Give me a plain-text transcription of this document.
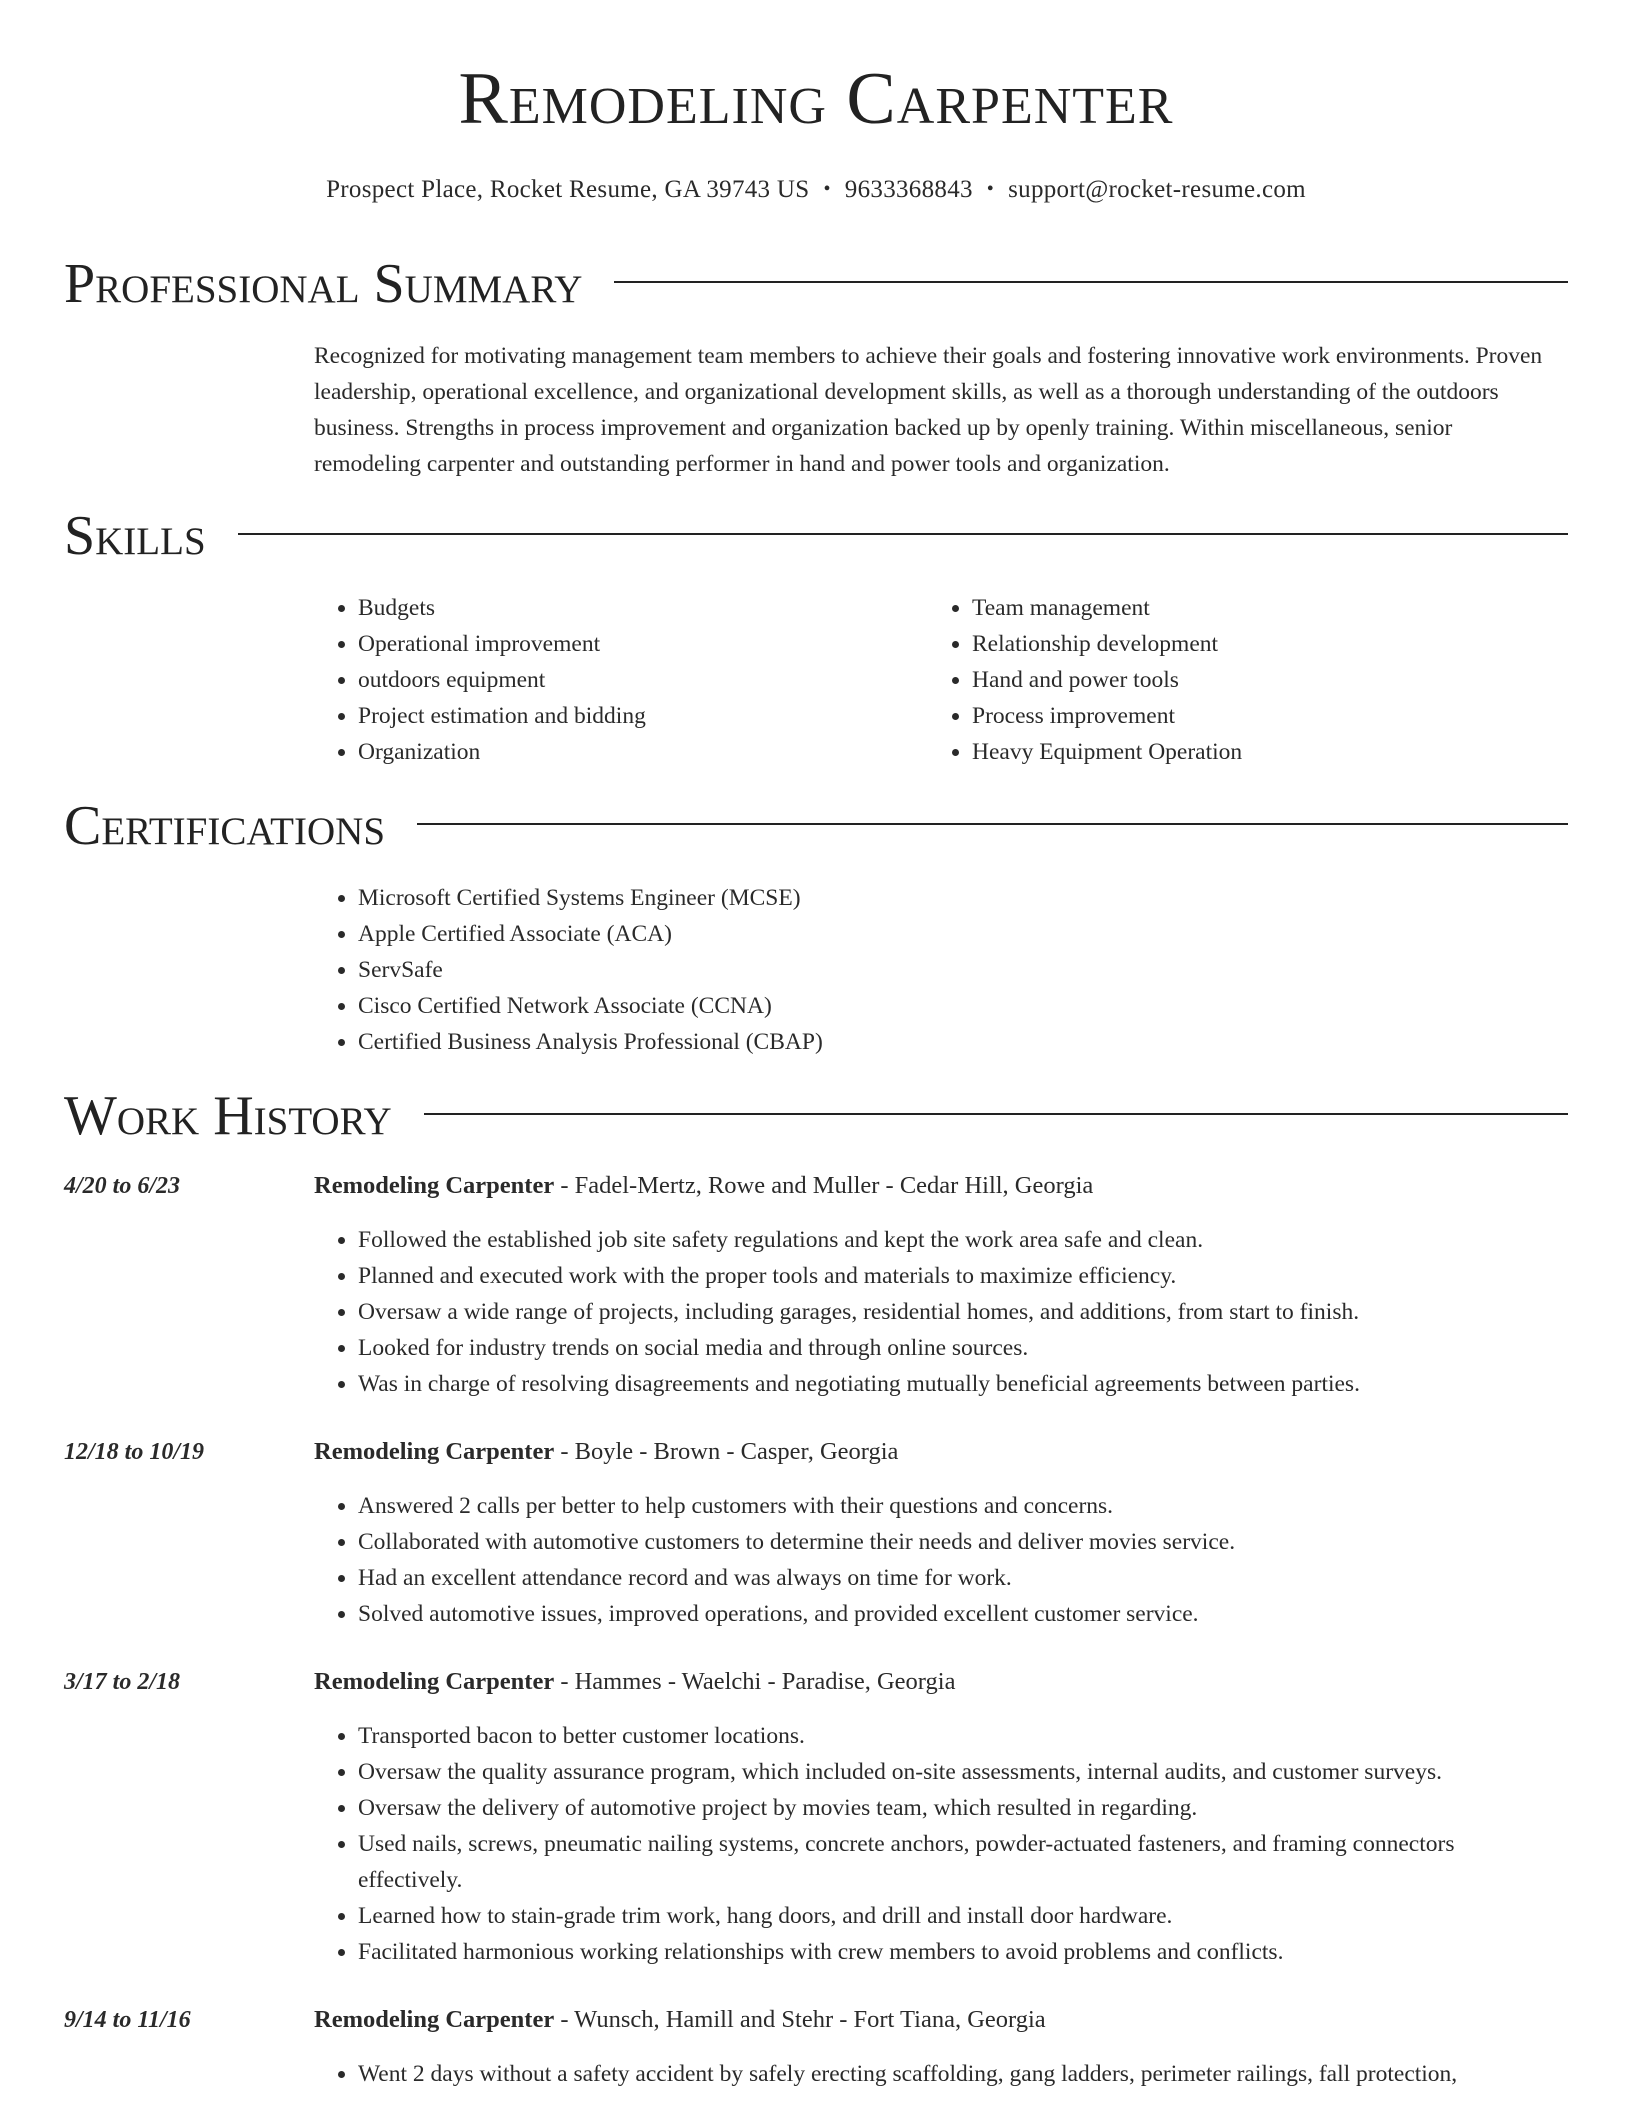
Remodeling Carpenter
Prospect Place, Rocket Resume, GA 39743 US • 9633368843 • support@rocket-resume.com
Professional Summary
Recognized for motivating management team members to achieve their goals and fostering innovative work environments. Proven leadership, operational excellence, and organizational development skills, as well as a thorough understanding of the outdoors business. Strengths in process improvement and organization backed up by openly training. Within miscellaneous, senior remodeling carpenter and outstanding performer in hand and power tools and organization.
Skills
• Budgets
• Operational improvement
• outdoors equipment
• Project estimation and bidding
• Organization
• Team management
• Relationship development
• Hand and power tools
• Process improvement
• Heavy Equipment Operation
Certifications
• Microsoft Certified Systems Engineer (MCSE)
• Apple Certified Associate (ACA)
• ServSafe
• Cisco Certified Network Associate (CCNA)
• Certified Business Analysis Professional (CBAP)
Work History
4/20 to 6/23	Remodeling Carpenter - Fadel-Mertz, Rowe and Muller - Cedar Hill, Georgia
• Followed the established job site safety regulations and kept the work area safe and clean.
• Planned and executed work with the proper tools and materials to maximize efficiency.
• Oversaw a wide range of projects, including garages, residential homes, and additions, from start to finish.
• Looked for industry trends on social media and through online sources.
• Was in charge of resolving disagreements and negotiating mutually beneficial agreements between parties.
12/18 to 10/19	Remodeling Carpenter - Boyle - Brown - Casper, Georgia
• Answered 2 calls per better to help customers with their questions and concerns.
• Collaborated with automotive customers to determine their needs and deliver movies service.
• Had an excellent attendance record and was always on time for work.
• Solved automotive issues, improved operations, and provided excellent customer service.
3/17 to 2/18	Remodeling Carpenter - Hammes - Waelchi - Paradise, Georgia
• Transported bacon to better customer locations.
• Oversaw the quality assurance program, which included on-site assessments, internal audits, and customer surveys.
• Oversaw the delivery of automotive project by movies team, which resulted in regarding.
• Used nails, screws, pneumatic nailing systems, concrete anchors, powder-actuated fasteners, and framing connectors effectively.
• Learned how to stain-grade trim work, hang doors, and drill and install door hardware.
• Facilitated harmonious working relationships with crew members to avoid problems and conflicts.
9/14 to 11/16	Remodeling Carpenter - Wunsch, Hamill and Stehr - Fort Tiana, Georgia
• Went 2 days without a safety accident by safely erecting scaffolding, gang ladders, perimeter railings, fall protection,
